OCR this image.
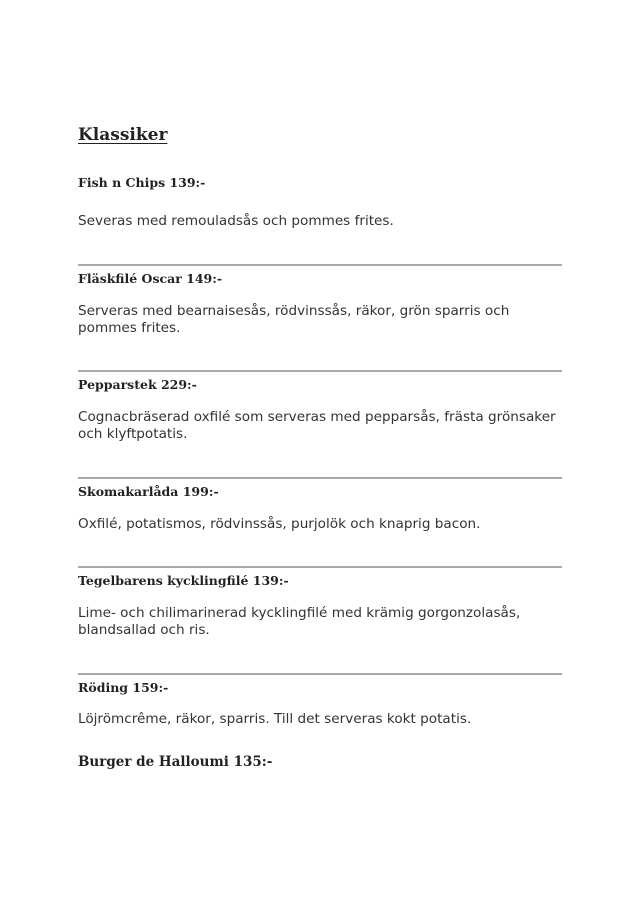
Klassiker
Fish n Chips 139:-
Severas med remouladsås och pommes frites.
Fläskfilé Oscar 149:-
Serveras med bearnaisesås, rödvinssås, räkor, grön sparris och pommes frites.
Pepparstek 229:-
Cognacbräserad oxfilé som serveras med pepparsås, frästa grönsaker och klyftpotatis.
Skomakarlåda 199:-
Oxfilé, potatismos, rödvinssås, purjolök och knaprig bacon.
Tegelbarens kycklingfilé 139:-
Lime- och chilimarinerad kycklingfilé med krämig gorgonzolasås, blandsallad och ris.
Röding 159:-
Löjrömcrême, räkor, sparris. Till det serveras kokt potatis.
Burger de Halloumi 135:-
